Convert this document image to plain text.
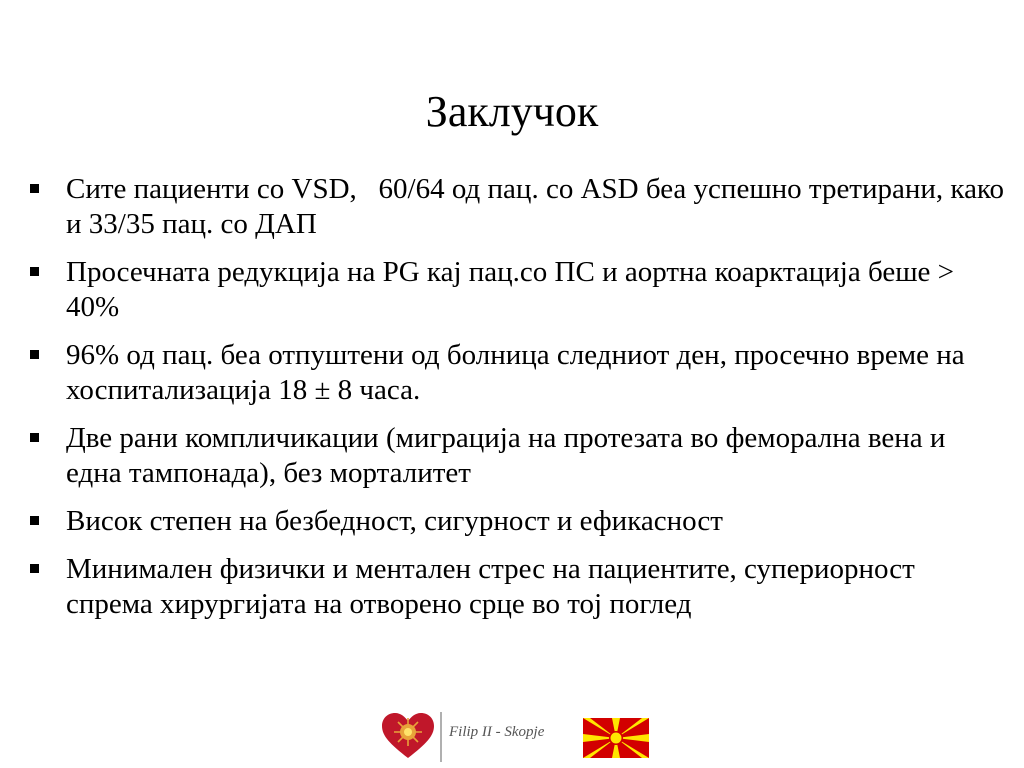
Заклучок
Сите пациенти со VSD,   60/64 од пац. со ASD беа успешно третирани, како и 33/35 пац. со ДАП
Просечната редукција на PG кај пац.со ПС и аортна коарктација беше > 40%
96% од пац. беа отпуштени од болница следниот ден, просечно време на хоспитализација 18 ± 8 часа.
Две рани компличикации (миграција на протезата во феморална вена и една тампонада), без морталитет
Висок степен на безбедност, сигурност и ефикасност
Минимален физички и ментален стрес на пациентите, супериорност спрема хирургијата на отворено срце во тој поглед
Filip II - Skopje
